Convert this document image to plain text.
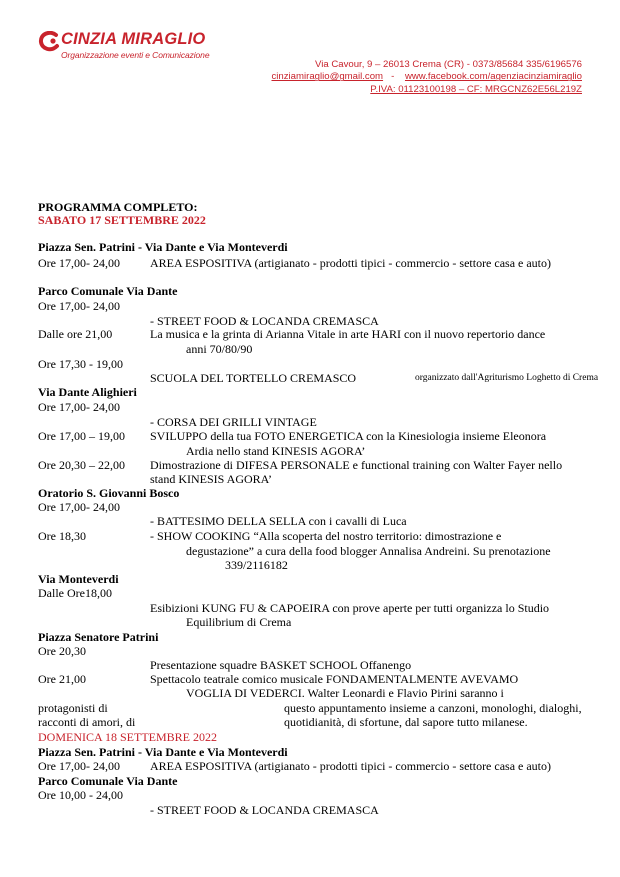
CINZIA MIRAGLIO
Organizzazione eventi e Comunicazione
Via Cavour, 9 – 26013 Crema (CR) - 0373/85684 335/6196576
cinziamiraglio@gmail.com - www.facebook.com/agenziacinziamiraglio
P.IVA: 01123100198 – CF: MRGCNZ62E56L219Z
PROGRAMMA COMPLETO:
SABATO 17 SETTEMBRE 2022
Piazza Sen. Patrini - Via Dante e Via Monteverdi
Ore 17,00- 24,00	AREA ESPOSITIVA (artigianato - prodotti tipici - commercio - settore casa e auto)
Parco Comunale Via Dante
Ore 17,00- 24,00
- STREET FOOD & LOCANDA CREMASCA
Dalle ore 21,00	La musica e la grinta di Arianna Vitale in arte HARI con il nuovo repertorio dance
anni 70/80/90
Ore 17,30 - 19,00
SCUOLA DEL TORTELLO CREMASCO	organizzato dall'Agriturismo Loghetto di Crema
Via Dante Alighieri
Ore 17,00- 24,00
- CORSA DEI GRILLI VINTAGE
Ore 17,00 – 19,00 SVILUPPO della tua FOTO ENERGETICA con la Kinesiologia insieme Eleonora
Ardia nello stand KINESIS AGORA’
Ore 20,30 – 22,00 Dimostrazione di DIFESA PERSONALE e functional training con Walter Fayer nello
stand KINESIS AGORA’
Oratorio S. Giovanni Bosco
Ore 17,00- 24,00
- BATTESIMO DELLA SELLA con i cavalli di Luca
Ore 18,30	- SHOW COOKING “Alla scoperta del nostro territorio: dimostrazione e
degustazione” a cura della food blogger Annalisa Andreini. Su prenotazione
339/2116182
Via Monteverdi
Dalle Ore18,00
Esibizioni KUNG FU & CAPOEIRA con prove aperte per tutti organizza lo Studio
Equilibrium di Crema
Piazza Senatore Patrini
Ore 20,30
Presentazione squadre BASKET SCHOOL Offanengo
Ore 21,00	Spettacolo teatrale comico musicale FONDAMENTALMENTE AVEVAMO
VOGLIA DI VEDERCI. Walter Leonardi e Flavio Pirini saranno i
protagonisti di	questo appuntamento insieme a canzoni, monologhi, dialoghi,
racconti di amori, di	quotidianità, di sfortune, dal sapore tutto milanese.
DOMENICA 18 SETTEMBRE 2022
Piazza Sen. Patrini - Via Dante e Via Monteverdi
Ore 17,00- 24,00	AREA ESPOSITIVA (artigianato - prodotti tipici - commercio - settore casa e auto)
Parco Comunale Via Dante
Ore 10,00 - 24,00
- STREET FOOD & LOCANDA CREMASCA
